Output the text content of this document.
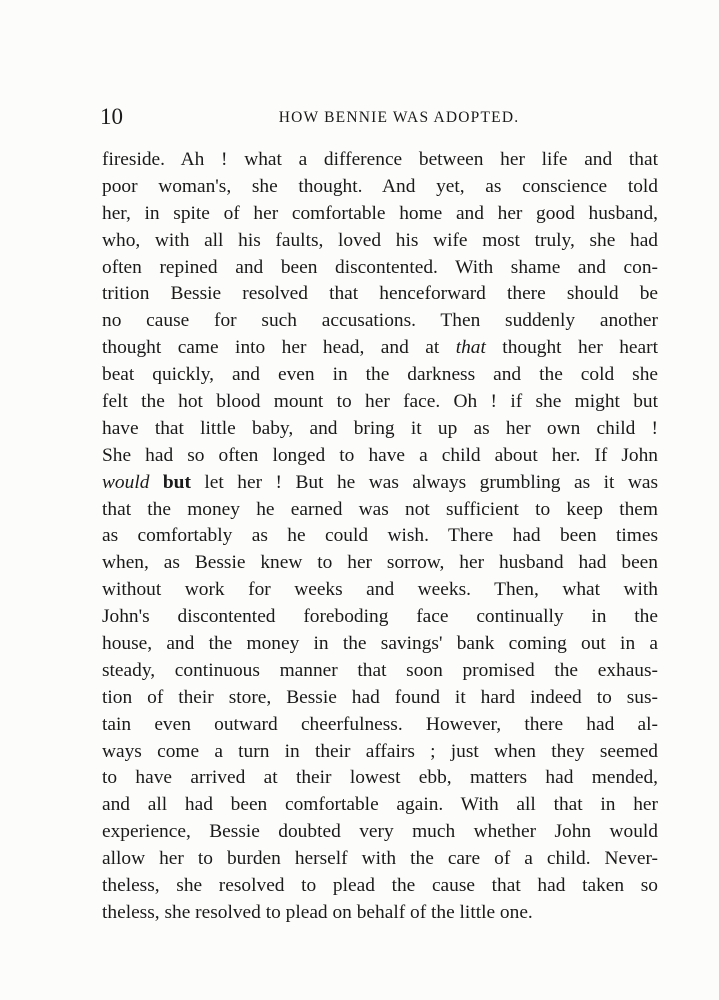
10	HOW BENNIE WAS ADOPTED.
fireside. Ah ! what a difference between her life and that
poor woman's, she thought. And yet, as conscience told
her, in spite of her comfortable home and her good husband,
who, with all his faults, loved his wife most truly, she had
often repined and been discontented. With shame and con-
trition Bessie resolved that henceforward there should be
no cause for such accusations. Then suddenly another
thought came into her head, and at that thought her heart
beat quickly, and even in the darkness and the cold she
felt the hot blood mount to her face. Oh ! if she might but
have that little baby, and bring it up as her own child !
She had so often longed to have a child about her. If John
would but let her ! But he was always grumbling as it was
that the money he earned was not sufficient to keep them
as comfortably as he could wish. There had been times
when, as Bessie knew to her sorrow, her husband had been
without work for weeks and weeks. Then, what with
John's discontented foreboding face continually in the
house, and the money in the savings' bank coming out in a
steady, continuous manner that soon promised the exhaus-
tion of their store, Bessie had found it hard indeed to sus-
tain even outward cheerfulness. However, there had al-
ways come a turn in their affairs ; just when they seemed
to have arrived at their lowest ebb, matters had mended,
and all had been comfortable again. With all that in her
experience, Bessie doubted very much whether John would
allow her to burden herself with the care of a child. Never-
theless, she resolved to plead the cause that had taken so
theless, she resolved to plead on behalf of the little one.
